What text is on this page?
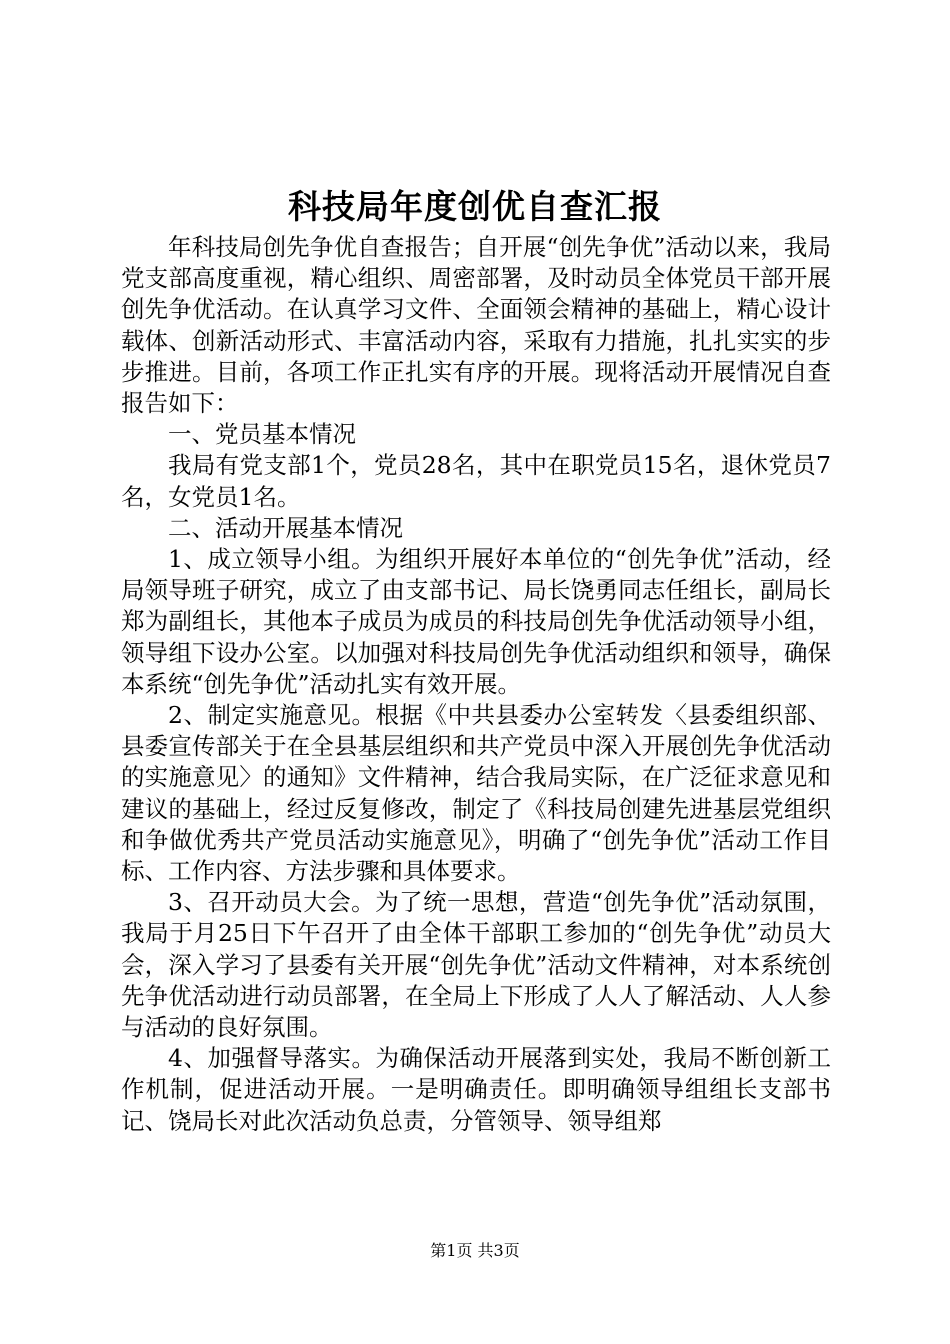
科技局年度创优自查汇报

年科技局创先争优自查报告；自开展“创先争优”活动以来，我局党支部高度重视，精心组织、周密部署，及时动员全体党员干部开展创先争优活动。在认真学习文件、全面领会精神的基础上，精心设计载体、创新活动形式、丰富活动内容，采取有力措施，扎扎实实的步步推进。目前，各项工作正扎实有序的开展。现将活动开展情况自查报告如下：

一、党员基本情况

我局有党支部1个，党员28名，其中在职党员15名，退休党员7名，女党员1名。

二、活动开展基本情况

1、成立领导小组。为组织开展好本单位的“创先争优”活动，经局领导班子研究，成立了由支部书记、局长饶勇同志任组长，副局长郑为副组长，其他本子成员为成员的科技局创先争优活动领导小组，领导组下设办公室。以加强对科技局创先争优活动组织和领导，确保本系统“创先争优”活动扎实有效开展。

2、制定实施意见。根据《中共县委办公室转发〈县委组织部、县委宣传部关于在全县基层组织和共产党员中深入开展创先争优活动的实施意见〉的通知》文件精神，结合我局实际，在广泛征求意见和建议的基础上，经过反复修改，制定了《科技局创建先进基层党组织和争做优秀共产党员活动实施意见》，明确了“创先争优”活动工作目标、工作内容、方法步骤和具体要求。

3、召开动员大会。为了统一思想，营造“创先争优”活动氛围，我局于月25日下午召开了由全体干部职工参加的“创先争优”动员大会，深入学习了县委有关开展“创先争优”活动文件精神，对本系统创先争优活动进行动员部署，在全局上下形成了人人了解活动、人人参与活动的良好氛围。

4、加强督导落实。为确保活动开展落到实处，我局不断创新工作机制，促进活动开展。一是明确责任。即明确领导组组长支部书记、饶局长对此次活动负总责，分管领导、领导组郑

第1页 共3页
